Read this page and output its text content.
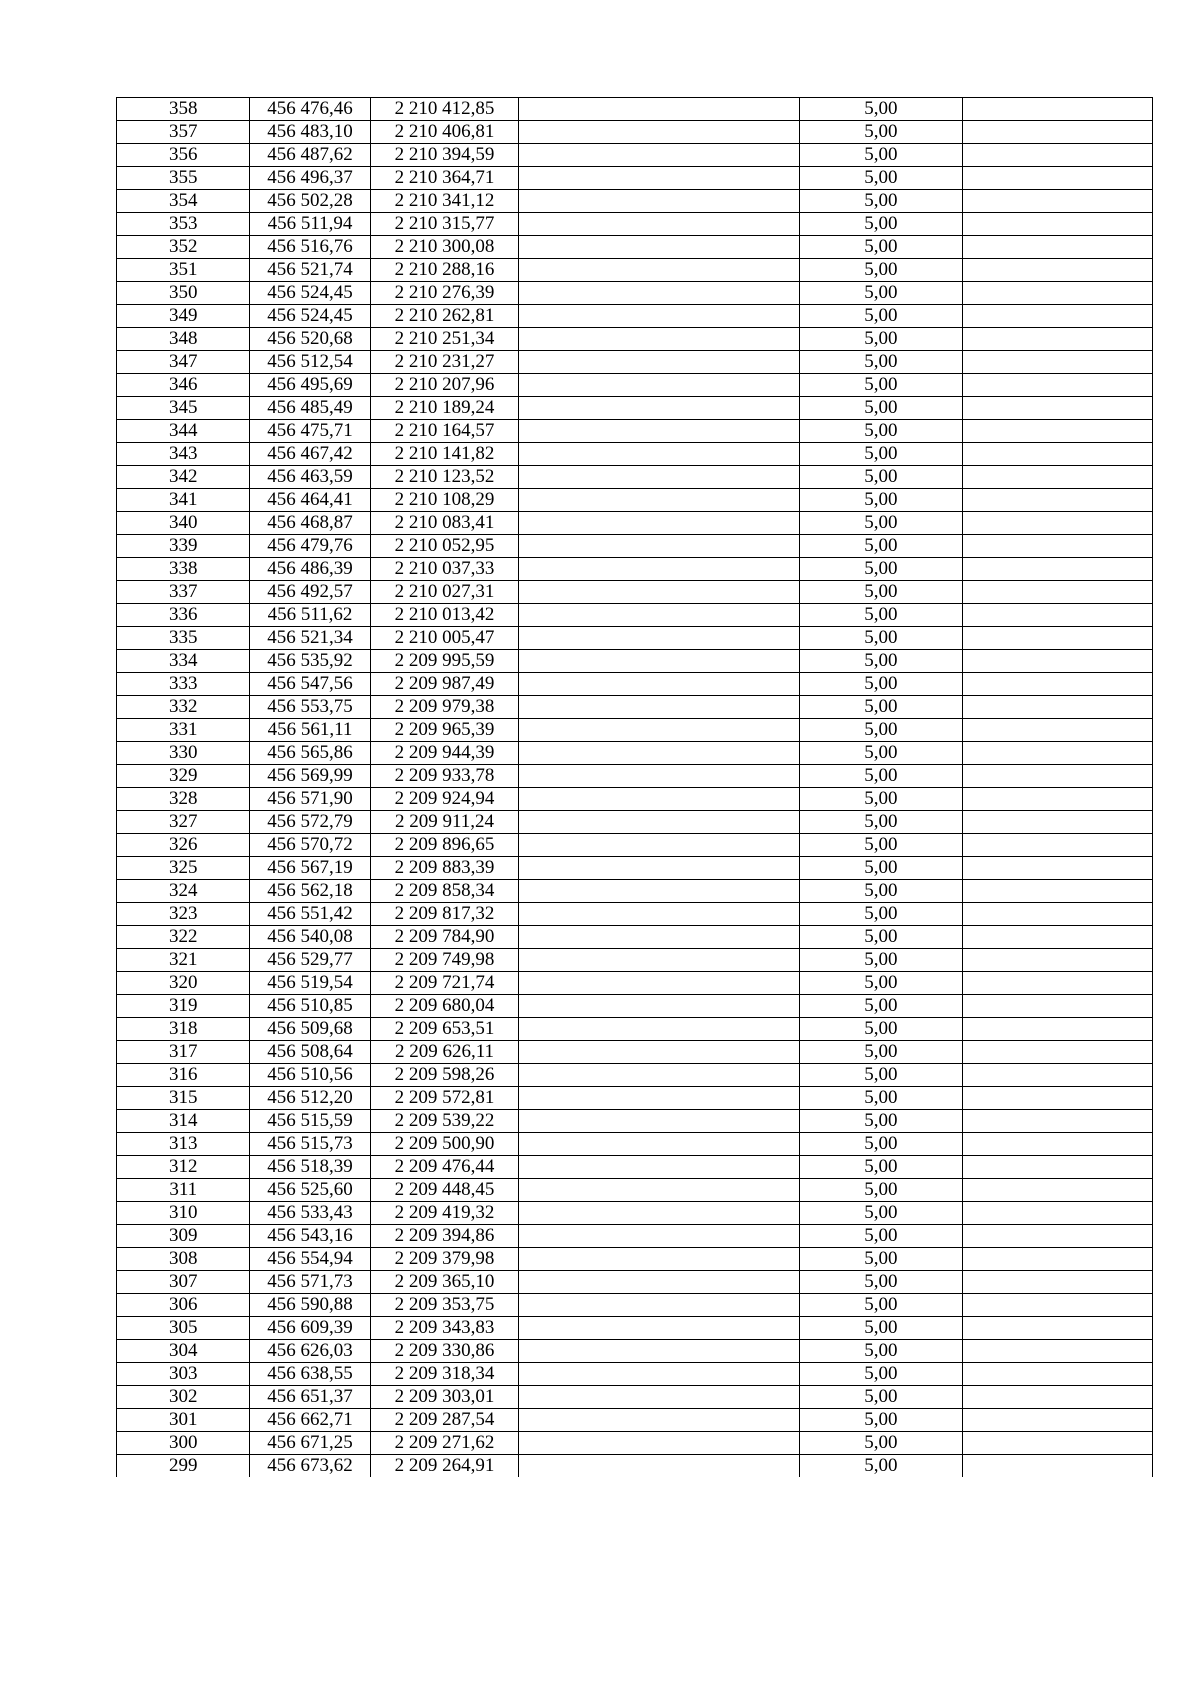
358	456 476,46	2 210 412,85		5,00	
357	456 483,10	2 210 406,81		5,00	
356	456 487,62	2 210 394,59		5,00	
355	456 496,37	2 210 364,71		5,00	
354	456 502,28	2 210 341,12		5,00	
353	456 511,94	2 210 315,77		5,00	
352	456 516,76	2 210 300,08		5,00	
351	456 521,74	2 210 288,16		5,00	
350	456 524,45	2 210 276,39		5,00	
349	456 524,45	2 210 262,81		5,00	
348	456 520,68	2 210 251,34		5,00	
347	456 512,54	2 210 231,27		5,00	
346	456 495,69	2 210 207,96		5,00	
345	456 485,49	2 210 189,24		5,00	
344	456 475,71	2 210 164,57		5,00	
343	456 467,42	2 210 141,82		5,00	
342	456 463,59	2 210 123,52		5,00	
341	456 464,41	2 210 108,29		5,00	
340	456 468,87	2 210 083,41		5,00	
339	456 479,76	2 210 052,95		5,00	
338	456 486,39	2 210 037,33		5,00	
337	456 492,57	2 210 027,31		5,00	
336	456 511,62	2 210 013,42		5,00	
335	456 521,34	2 210 005,47		5,00	
334	456 535,92	2 209 995,59		5,00	
333	456 547,56	2 209 987,49		5,00	
332	456 553,75	2 209 979,38		5,00	
331	456 561,11	2 209 965,39		5,00	
330	456 565,86	2 209 944,39		5,00	
329	456 569,99	2 209 933,78		5,00	
328	456 571,90	2 209 924,94		5,00	
327	456 572,79	2 209 911,24		5,00	
326	456 570,72	2 209 896,65		5,00	
325	456 567,19	2 209 883,39		5,00	
324	456 562,18	2 209 858,34		5,00	
323	456 551,42	2 209 817,32		5,00	
322	456 540,08	2 209 784,90		5,00	
321	456 529,77	2 209 749,98		5,00	
320	456 519,54	2 209 721,74		5,00	
319	456 510,85	2 209 680,04		5,00	
318	456 509,68	2 209 653,51		5,00	
317	456 508,64	2 209 626,11		5,00	
316	456 510,56	2 209 598,26		5,00	
315	456 512,20	2 209 572,81		5,00	
314	456 515,59	2 209 539,22		5,00	
313	456 515,73	2 209 500,90		5,00	
312	456 518,39	2 209 476,44		5,00	
311	456 525,60	2 209 448,45		5,00	
310	456 533,43	2 209 419,32		5,00	
309	456 543,16	2 209 394,86		5,00	
308	456 554,94	2 209 379,98		5,00	
307	456 571,73	2 209 365,10		5,00	
306	456 590,88	2 209 353,75		5,00	
305	456 609,39	2 209 343,83		5,00	
304	456 626,03	2 209 330,86		5,00	
303	456 638,55	2 209 318,34		5,00	
302	456 651,37	2 209 303,01		5,00	
301	456 662,71	2 209 287,54		5,00	
300	456 671,25	2 209 271,62		5,00	
299	456 673,62	2 209 264,91		5,00	
